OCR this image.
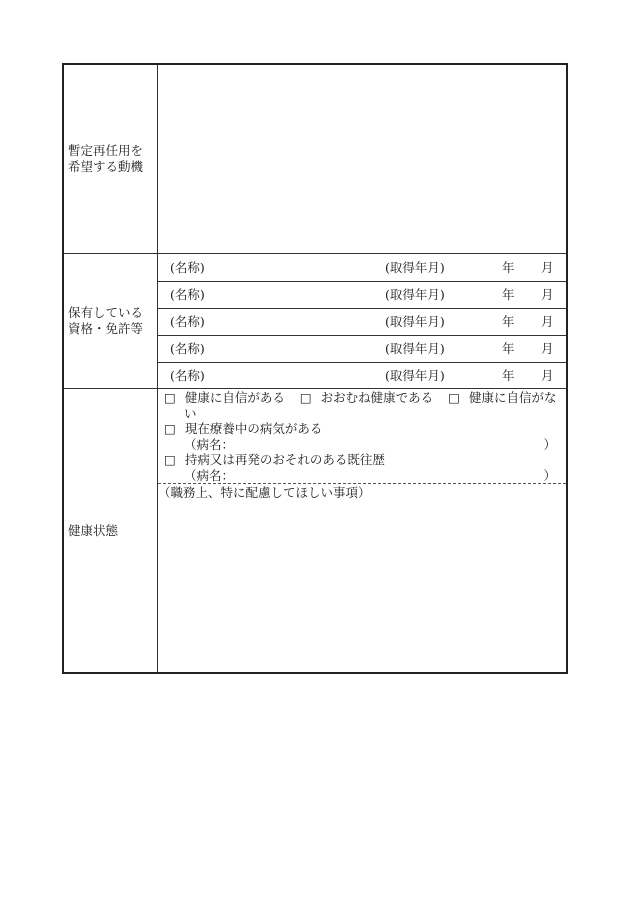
暫定再任用を
希望する動機
保有している
資格・免許等
(名称)	(取得年月)	年 月
(名称)	(取得年月)	年 月
(名称)	(取得年月)	年 月
(名称)	(取得年月)	年 月
(名称)	(取得年月)	年 月
健康状態
□ 健康に自信がある □ おおむね健康である □ 健康に自信がない
□ 現在療養中の病気がある
（病名：	）
□ 持病又は再発のおそれのある既往歴
（病名：	）
（職務上、特に配慮してほしい事項）
